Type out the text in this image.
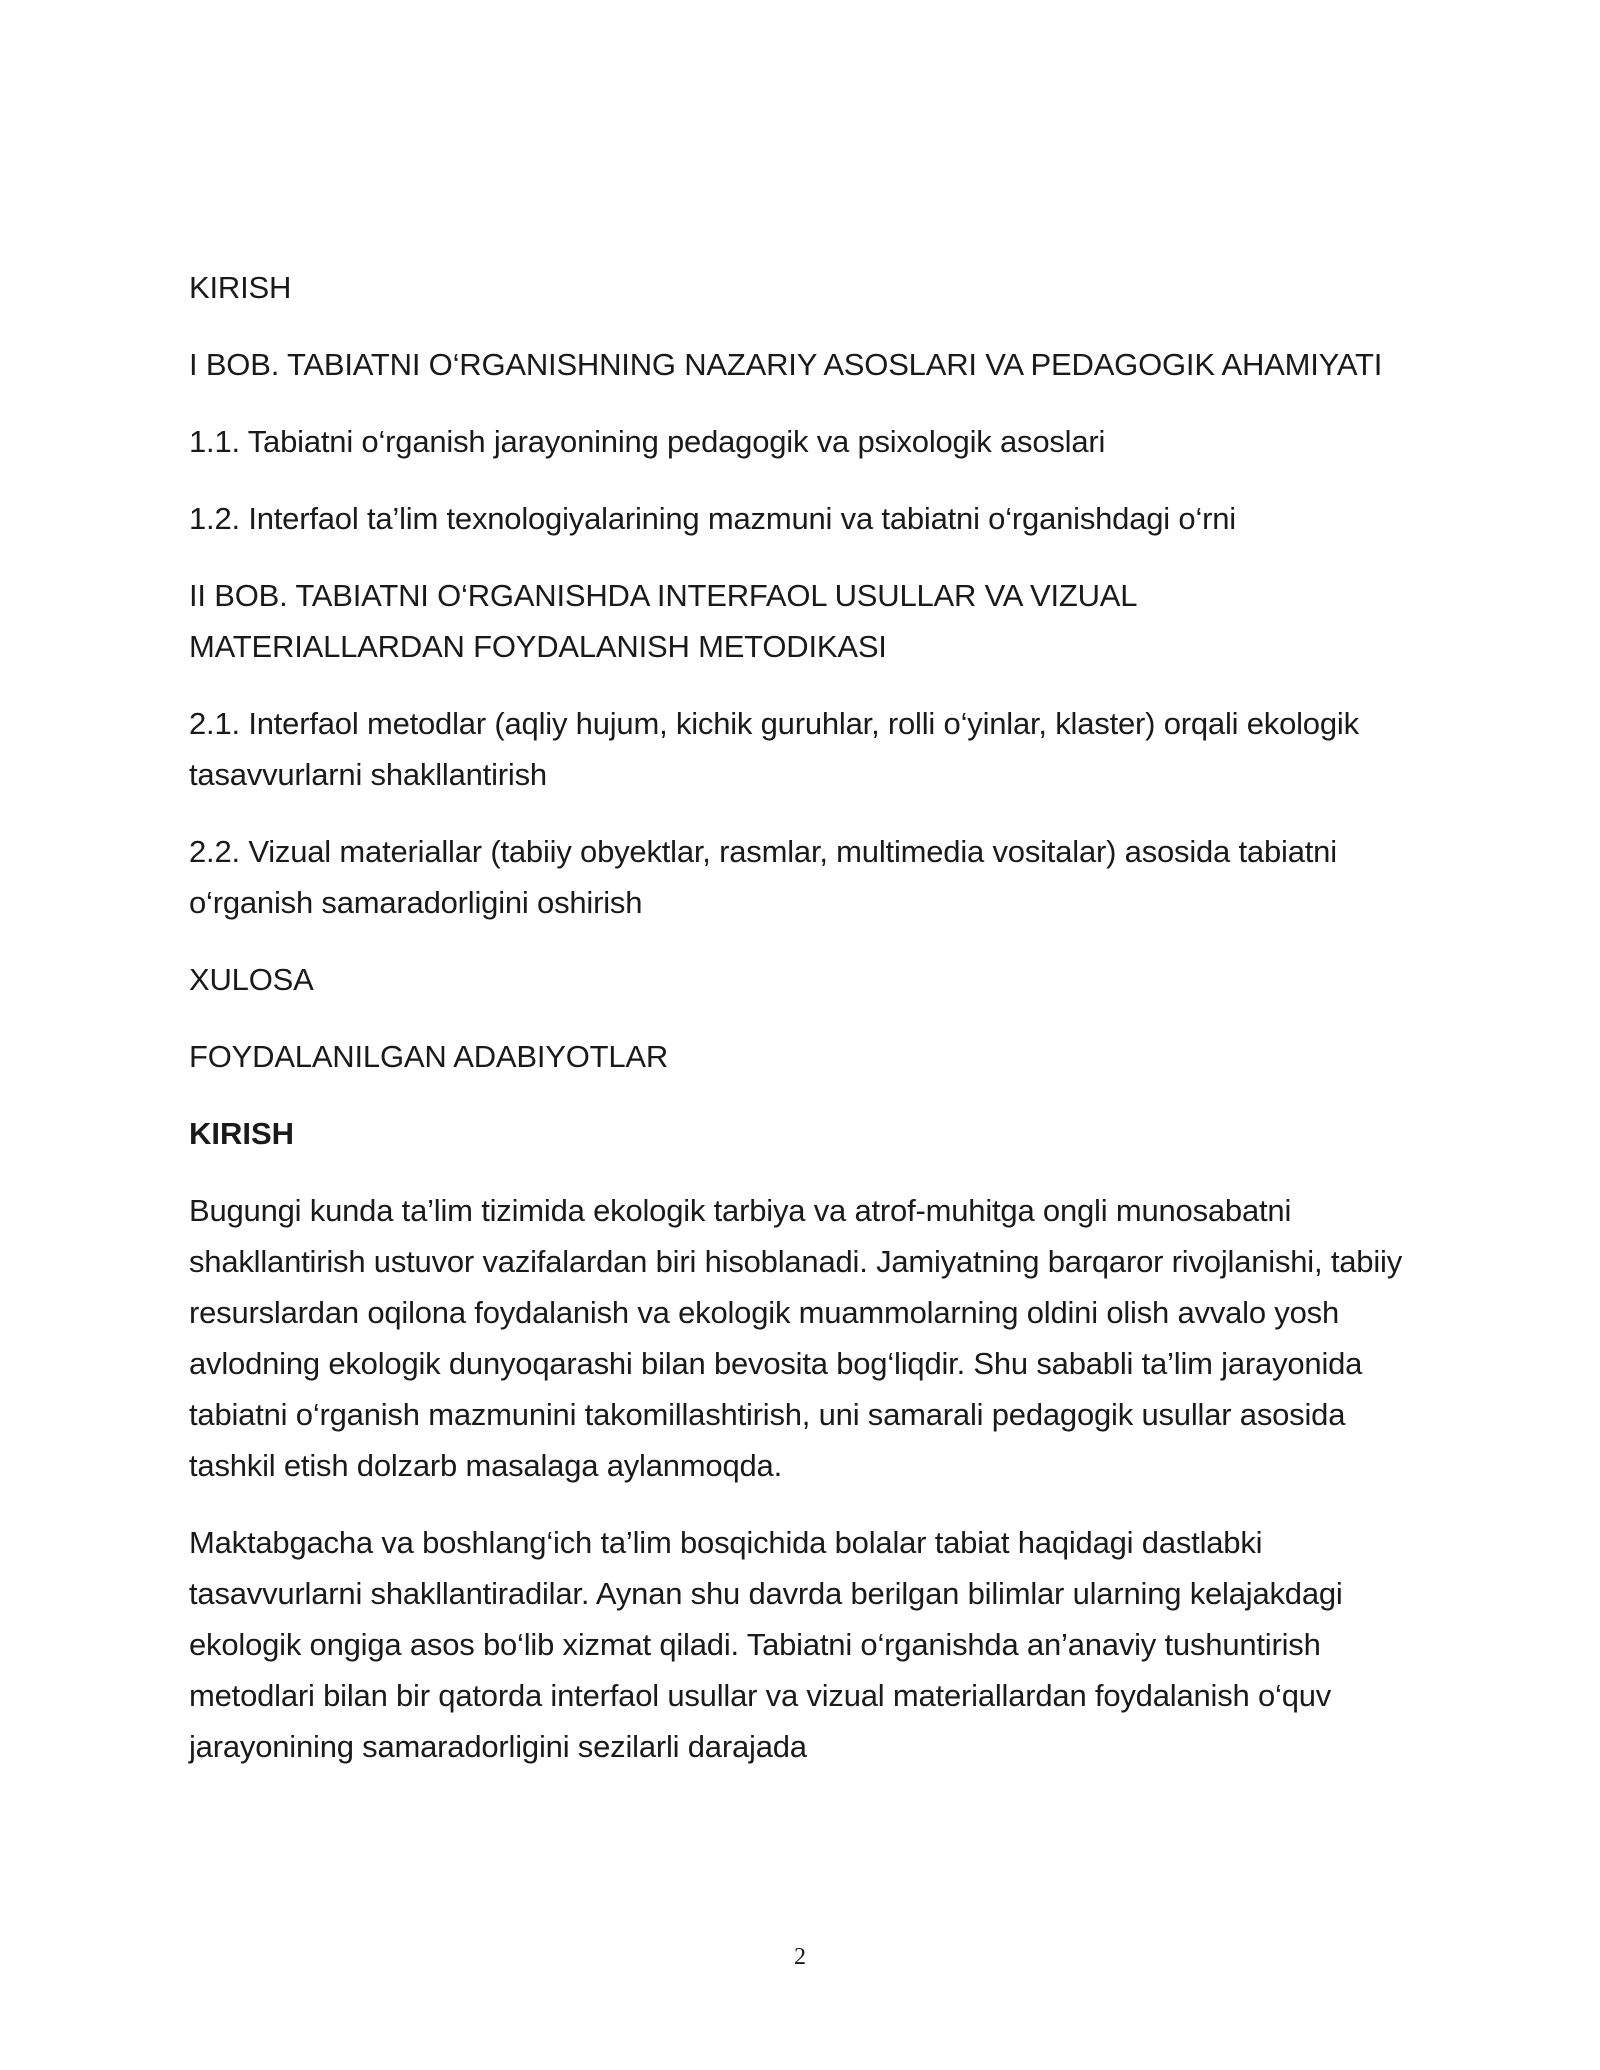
KIRISH

I BOB. TABIATNI O‘RGANISHNING NAZARIY ASOSLARI VA PEDAGOGIK AHAMIYATI

1.1. Tabiatni o‘rganish jarayonining pedagogik va psixologik asoslari

1.2. Interfaol ta’lim texnologiyalarining mazmuni va tabiatni o‘rganishdagi o‘rni

II BOB. TABIATNI O‘RGANISHDA INTERFAOL USULLAR VA VIZUAL MATERIALLARDAN FOYDALANISH METODIKASI

2.1. Interfaol metodlar (aqliy hujum, kichik guruhlar, rolli o‘yinlar, klaster) orqali ekologik tasavvurlarni shakllantirish

2.2. Vizual materiallar (tabiiy obyektlar, rasmlar, multimedia vositalar) asosida tabiatni o‘rganish samaradorligini oshirish

XULOSA

FOYDALANILGAN ADABIYOTLAR

KIRISH

Bugungi kunda ta’lim tizimida ekologik tarbiya va atrof-muhitga ongli munosabatni shakllantirish ustuvor vazifalardan biri hisoblanadi. Jamiyatning barqaror rivojlanishi, tabiiy resurslardan oqilona foydalanish va ekologik muammolarning oldini olish avvalo yosh avlodning ekologik dunyoqarashi bilan bevosita bog‘liqdir. Shu sababli ta’lim jarayonida tabiatni o‘rganish mazmunini takomillashtirish, uni samarali pedagogik usullar asosida tashkil etish dolzarb masalaga aylanmoqda.

Maktabgacha va boshlang‘ich ta’lim bosqichida bolalar tabiat haqidagi dastlabki tasavvurlarni shakllantiradilar. Aynan shu davrda berilgan bilimlar ularning kelajakdagi ekologik ongiga asos bo‘lib xizmat qiladi. Tabiatni o‘rganishda an’anaviy tushuntirish metodlari bilan bir qatorda interfaol usullar va vizual materiallardan foydalanish o‘quv jarayonining samaradorligini sezilarli darajada

2
